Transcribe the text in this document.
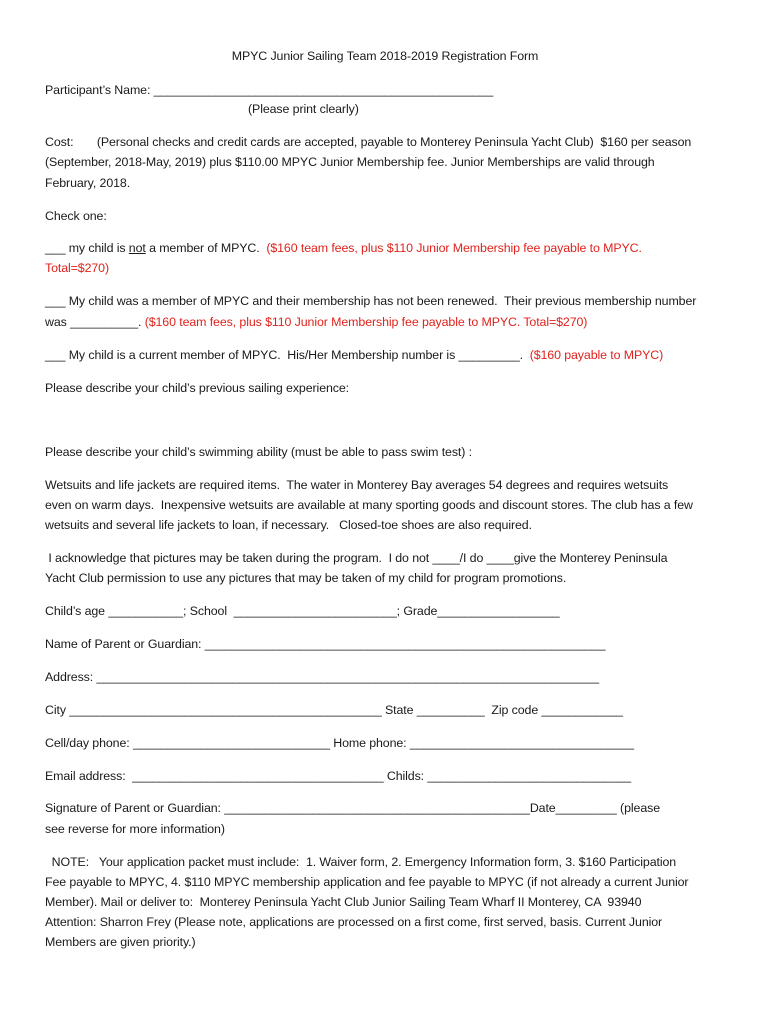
MPYC Junior Sailing Team 2018-2019 Registration Form
Participant’s Name: __________________________________________________
(Please print clearly)
Cost:       (Personal checks and credit cards are accepted, payable to Monterey Peninsula Yacht Club)  $160 per season
(September, 2018-May, 2019) plus $110.00 MPYC Junior Membership fee. Junior Memberships are valid through
February, 2018.
Check one:
___ my child is not a member of MPYC.  ($160 team fees, plus $110 Junior Membership fee payable to MPYC.
Total=$270)
___ My child was a member of MPYC and their membership has not been renewed.  Their previous membership number
was __________. ($160 team fees, plus $110 Junior Membership fee payable to MPYC. Total=$270)
___ My child is a current member of MPYC.  His/Her Membership number is _________.  ($160 payable to MPYC)
Please describe your child’s previous sailing experience:
Please describe your child’s swimming ability (must be able to pass swim test) :
Wetsuits and life jackets are required items.  The water in Monterey Bay averages 54 degrees and requires wetsuits
even on warm days.  Inexpensive wetsuits are available at many sporting goods and discount stores. The club has a few
wetsuits and several life jackets to loan, if necessary.   Closed-toe shoes are also required.
I acknowledge that pictures may be taken during the program.  I do not ____/I do ____give the Monterey Peninsula
Yacht Club permission to use any pictures that may be taken of my child for program promotions.
Child’s age ___________; School  ________________________; Grade__________________
Name of Parent or Guardian: ___________________________________________________________
Address: __________________________________________________________________________
City ______________________________________________ State __________  Zip code ____________
Cell/day phone: _____________________________ Home phone: _________________________________
Email address:  _____________________________________ Childs: ______________________________
Signature of Parent or Guardian: _____________________________________________Date_________ (please
see reverse for more information)
NOTE:   Your application packet must include:  1. Waiver form, 2. Emergency Information form, 3. $160 Participation
Fee payable to MPYC, 4. $110 MPYC membership application and fee payable to MPYC (if not already a current Junior
Member). Mail or deliver to:  Monterey Peninsula Yacht Club Junior Sailing Team Wharf II Monterey, CA  93940
Attention: Sharron Frey (Please note, applications are processed on a first come, first served, basis. Current Junior
Members are given priority.)
